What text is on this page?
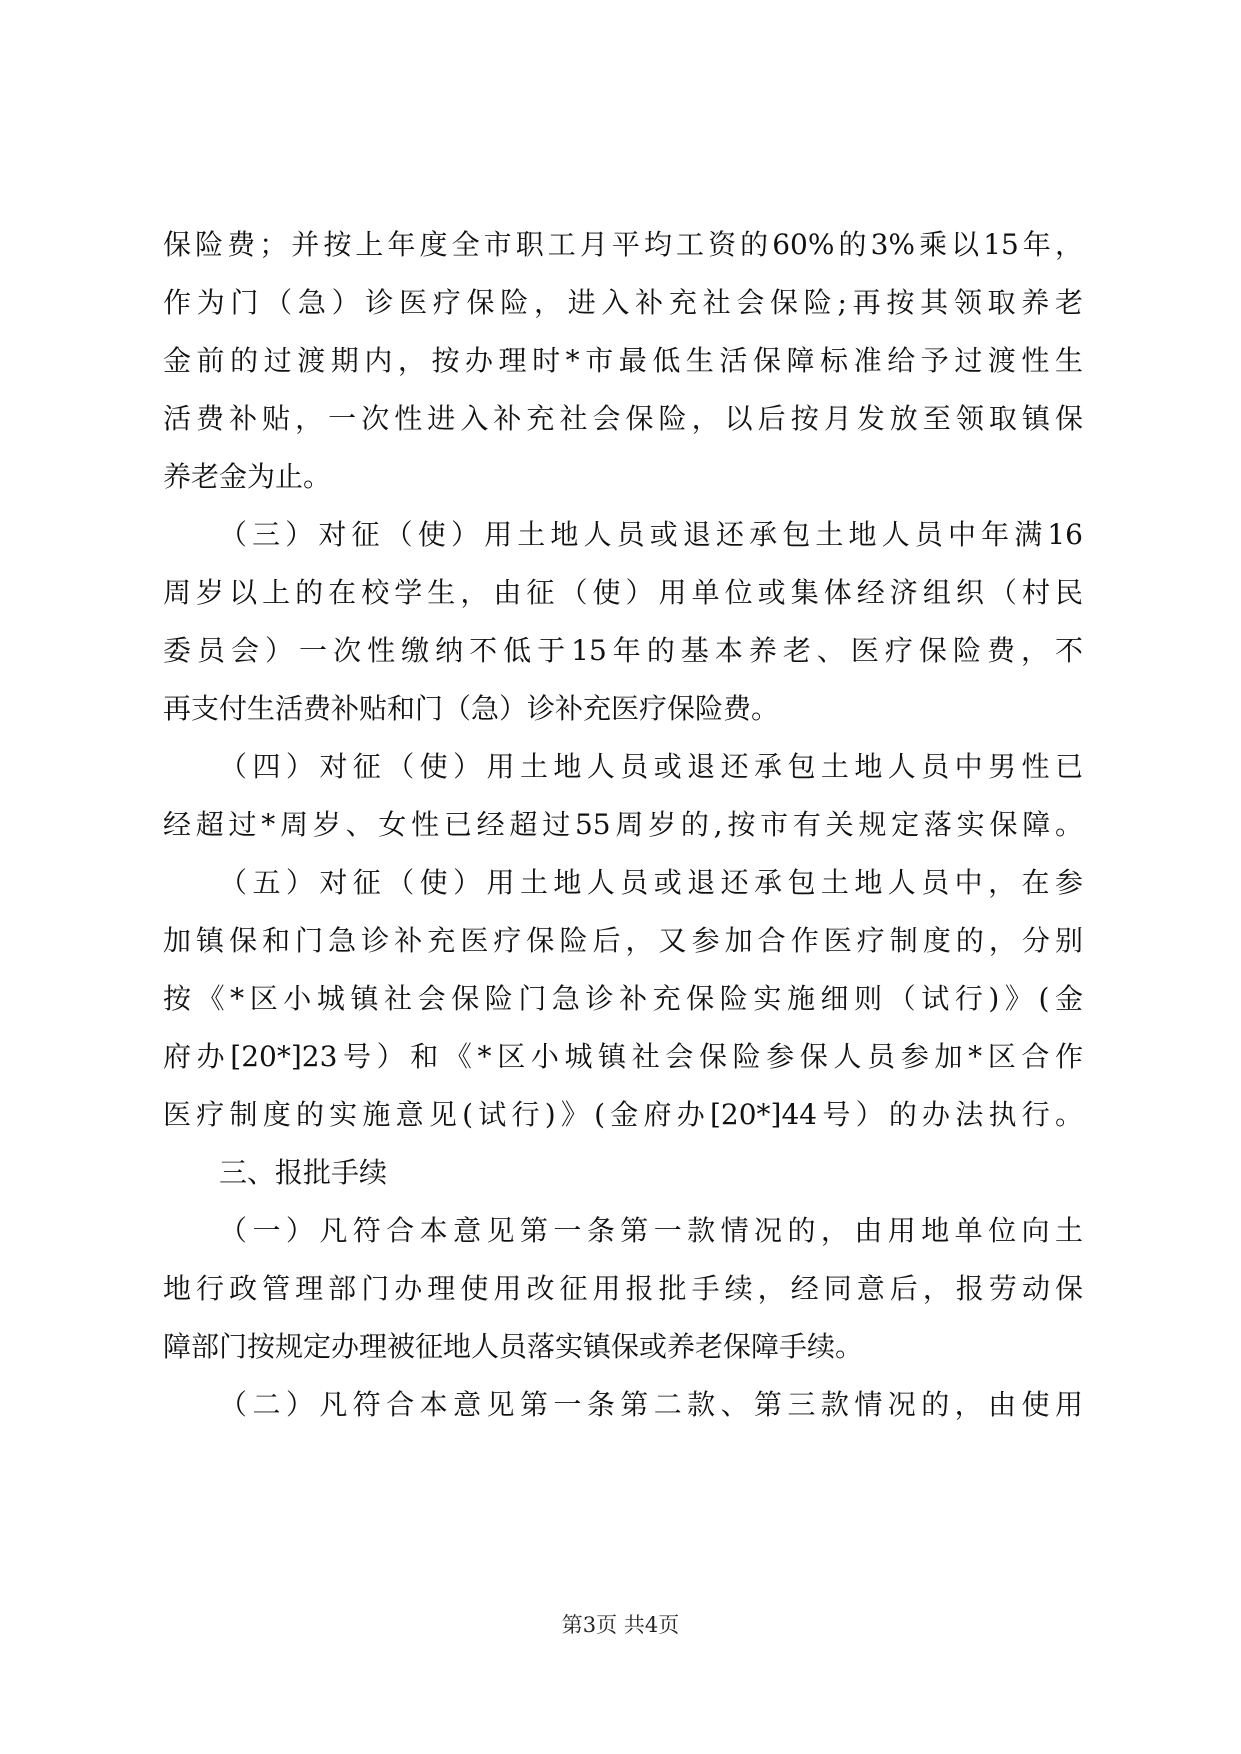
保险费；并按上年度全市职工月平均工资的60%的3%乘以15年，
作为门（急）诊医疗保险，进入补充社会保险;再按其领取养老
金前的过渡期内，按办理时*市最低生活保障标准给予过渡性生
活费补贴，一次性进入补充社会保险，以后按月发放至领取镇保
养老金为止。
（三）对征（使）用土地人员或退还承包土地人员中年满16
周岁以上的在校学生，由征（使）用单位或集体经济组织（村民
委员会）一次性缴纳不低于15年的基本养老、医疗保险费，不
再支付生活费补贴和门（急）诊补充医疗保险费。
（四）对征（使）用土地人员或退还承包土地人员中男性已
经超过*周岁、女性已经超过55周岁的,按市有关规定落实保障。
（五）对征（使）用土地人员或退还承包土地人员中，在参
加镇保和门急诊补充医疗保险后，又参加合作医疗制度的，分别
按《*区小城镇社会保险门急诊补充保险实施细则（试行)》(金
府办[20*]23号）和《*区小城镇社会保险参保人员参加*区合作
医疗制度的实施意见(试行)》(金府办[20*]44号）的办法执行。
三、报批手续
（一）凡符合本意见第一条第一款情况的，由用地单位向土
地行政管理部门办理使用改征用报批手续，经同意后，报劳动保
障部门按规定办理被征地人员落实镇保或养老保障手续。
（二）凡符合本意见第一条第二款、第三款情况的，由使用
第3页 共4页
